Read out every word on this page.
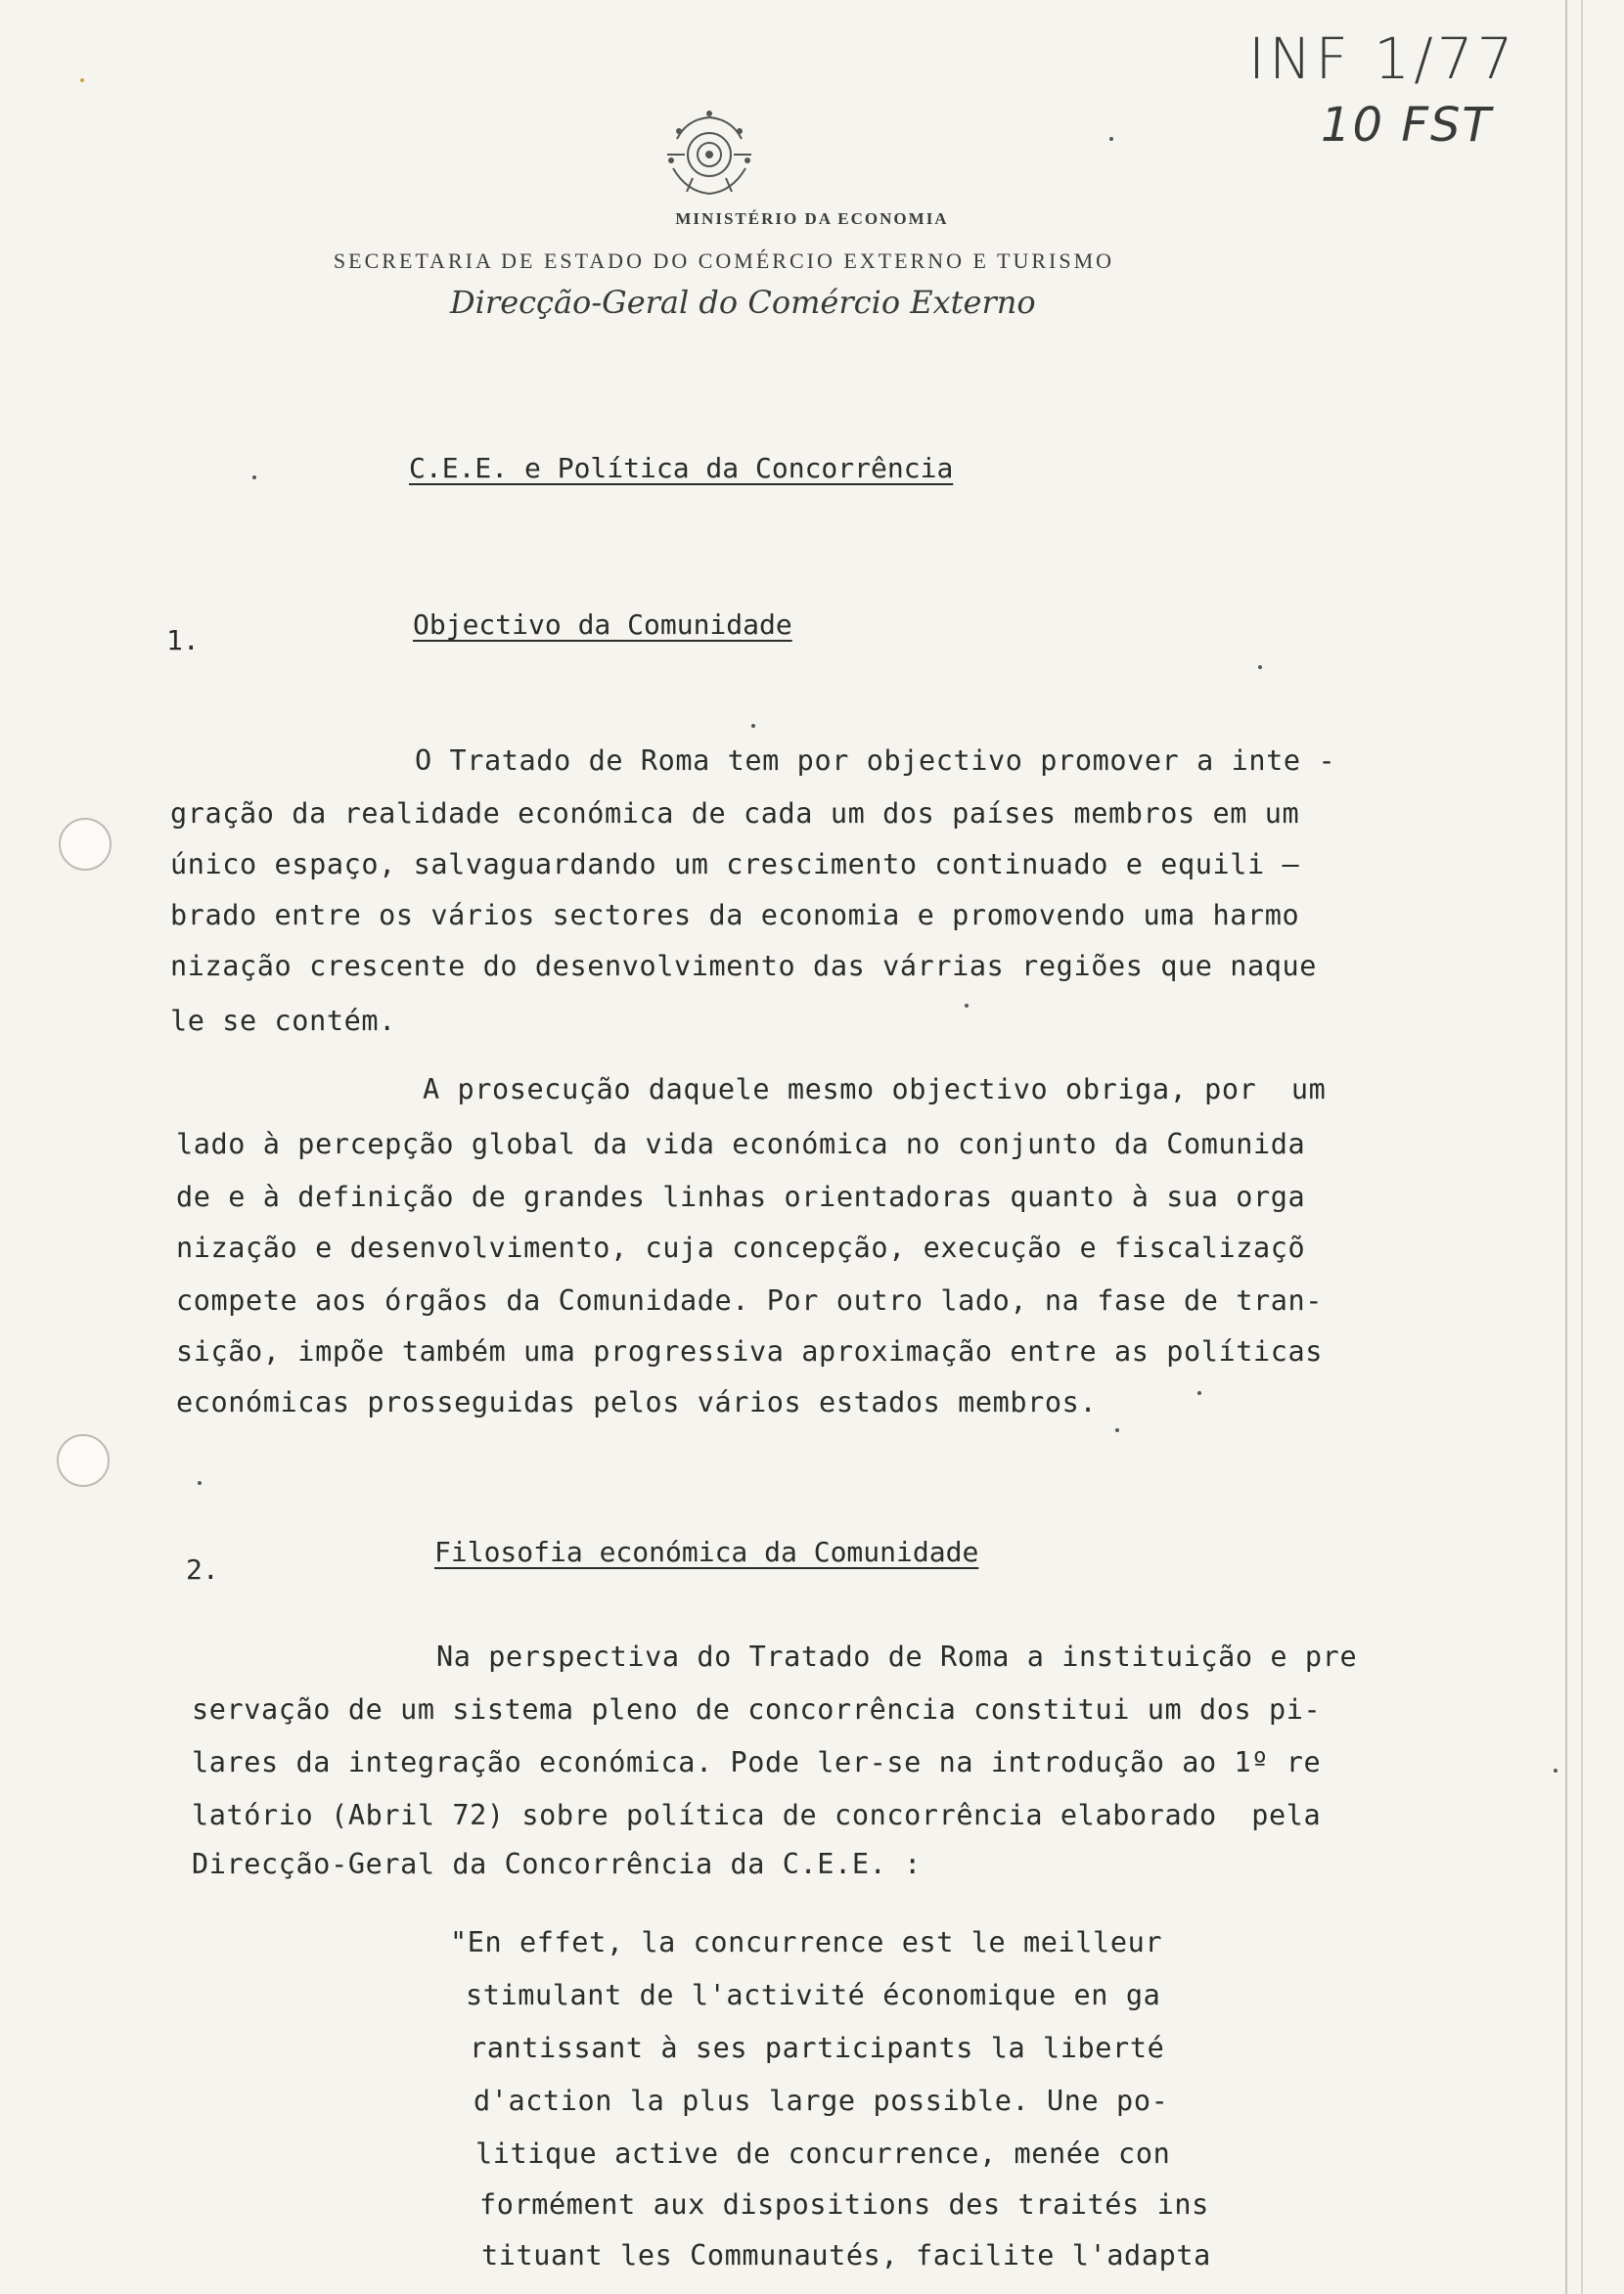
MINISTÉRIO DA ECONOMIA
SECRETARIA DE ESTADO DO COMÉRCIO EXTERNO E TURISMO
Direcção-Geral do Comércio Externo
INF 1/77
10 FST
C.E.E. e Política da Concorrência
1.	Objectivo da Comunidade

O Tratado de Roma tem por objectivo promover a inte -

gração da realidade económica de cada um dos países membros em um

único espaço, salvaguardando um crescimento continuado e equili —

brado entre os vários sectores da economia e promovendo uma harmo

nização crescente do desenvolvimento das várrias regiões que naque

le se contém.

A prosecução daquele mesmo objectivo obriga, por  um

lado à percepção global da vida económica no conjunto da Comunida

de e à definição de grandes linhas orientadoras quanto à sua orga

nização e desenvolvimento, cuja concepção, execução e fiscalizaçõ

compete aos órgãos da Comunidade. Por outro lado, na fase de tran-

sição, impõe também uma progressiva aproximação entre as políticas

económicas prosseguidas pelos vários estados membros.

2.
Filosofia económica da Comunidade

Na perspectiva do Tratado de Roma a instituição e pre

servação de um sistema pleno de concorrência constitui um dos pi-

lares da integração económica. Pode ler-se na introdução ao 1º re

latório (Abril 72) sobre política de concorrência elaborado  pela

Direcção-Geral da Concorrência da C.E.E. :

"En effet, la concurrence est le meilleur

stimulant de l'activité économique en ga

rantissant à ses participants la liberté

d'action la plus large possible. Une po-

litique active de concurrence, menée con

formément aux dispositions des traités ins

tituant les Communautés, facilite l'adapta
